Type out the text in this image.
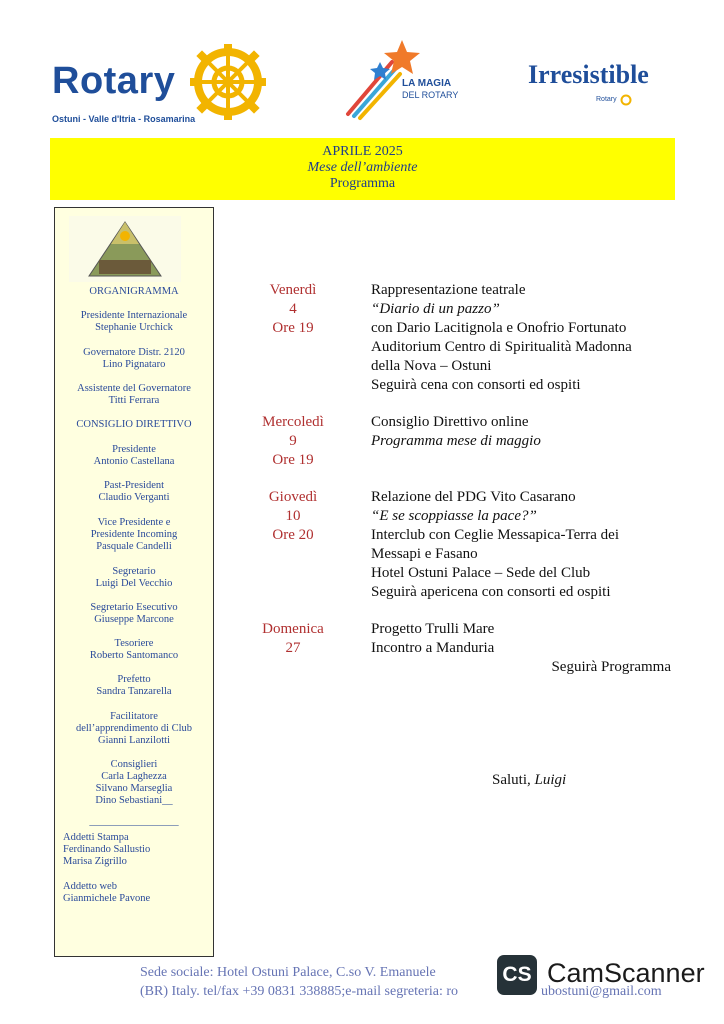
Rotary
Ostuni - Valle d'Itria - Rosamarina
LA MAGIA
DEL ROTARY
Irresistible
Rotary
APRILE 2025
Mese dell’ambiente
Programma
ORGANIGRAMMA
Presidente Internazionale
Stephanie Urchick
Governatore Distr. 2120
Lino Pignataro
Assistente del Governatore
Titti Ferrara
CONSIGLIO DIRETTIVO
Presidente
Antonio Castellana
Past-President
Claudio Verganti
Vice Presidente e
Presidente Incoming
Pasquale Candelli
Segretario
Luigi Del Vecchio
Segretario Esecutivo
Giuseppe Marcone
Tesoriere
Roberto Santomanco
Prefetto
Sandra Tanzarella
Facilitatore
dell’apprendimento di Club
Gianni Lanzilotti
Consiglieri
Carla Laghezza
Silvano Marseglia
Dino Sebastiani__
_________________
Addetti Stampa
Ferdinando Sallustio
Marisa Zigrillo
Addetto web
Gianmichele Pavone
Venerdì
4
Ore 19
Rappresentazione teatrale
“Diario di un pazzo”
con Dario Lacitignola e Onofrio Fortunato
Auditorium Centro di Spiritualità Madonna
della Nova – Ostuni
Seguirà cena con consorti ed ospiti
Mercoledì
9
Ore 19
Consiglio Direttivo online
Programma mese di maggio
Giovedì
10
Ore 20
Relazione del PDG Vito Casarano
“E se scoppiasse la pace?”
Interclub con Ceglie Messapica-Terra dei
Messapi e Fasano
Hotel Ostuni Palace – Sede del Club
Seguirà apericena con consorti ed ospiti
Domenica
27
Progetto Trulli Mare
Incontro a Manduria
Seguirà Programma
Saluti, Luigi
Sede sociale: Hotel Ostuni Palace, C.so V. Emanuele
(BR) Italy. tel/fax +39 0831 338885;e-mail segreteria: ro	ubostuni@gmail.com
CS CamScanner
